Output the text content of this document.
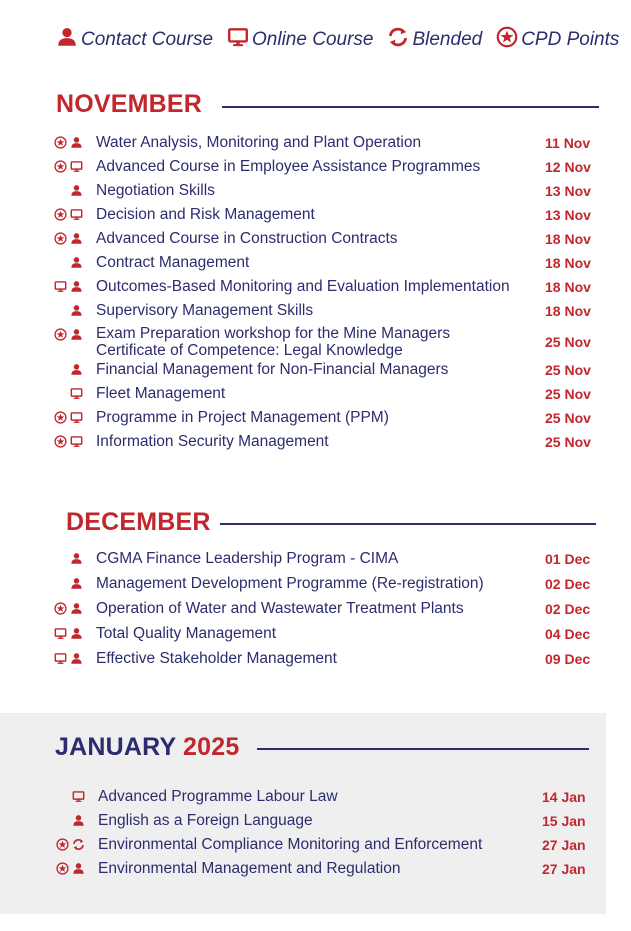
Contact Course Online Course Blended CPD Points
NOVEMBER
Water Analysis, Monitoring and Plant Operation	11 Nov
Advanced Course in Employee Assistance Programmes	12 Nov
Negotiation Skills	13 Nov
Decision and Risk Management	13 Nov
Advanced Course in Construction Contracts	18 Nov
Contract Management	18 Nov
Outcomes-Based Monitoring and Evaluation Implementation	18 Nov
Supervisory Management Skills	18 Nov
Exam Preparation workshop for the Mine Managers
Certificate of Competence: Legal Knowledge	25 Nov
Financial Management for Non-Financial Managers	25 Nov
Fleet Management	25 Nov
Programme in Project Management (PPM)	25 Nov
Information Security Management	25 Nov
DECEMBER
CGMA Finance Leadership Program - CIMA	01 Dec
Management Development Programme (Re-registration)	02 Dec
Operation of Water and Wastewater Treatment Plants	02 Dec
Total Quality Management	04 Dec
Effective Stakeholder Management	09 Dec
JANUARY 2025
Advanced Programme Labour Law	14 Jan
English as a Foreign Language	15 Jan
Environmental Compliance Monitoring and Enforcement	27 Jan
Environmental Management and Regulation	27 Jan
